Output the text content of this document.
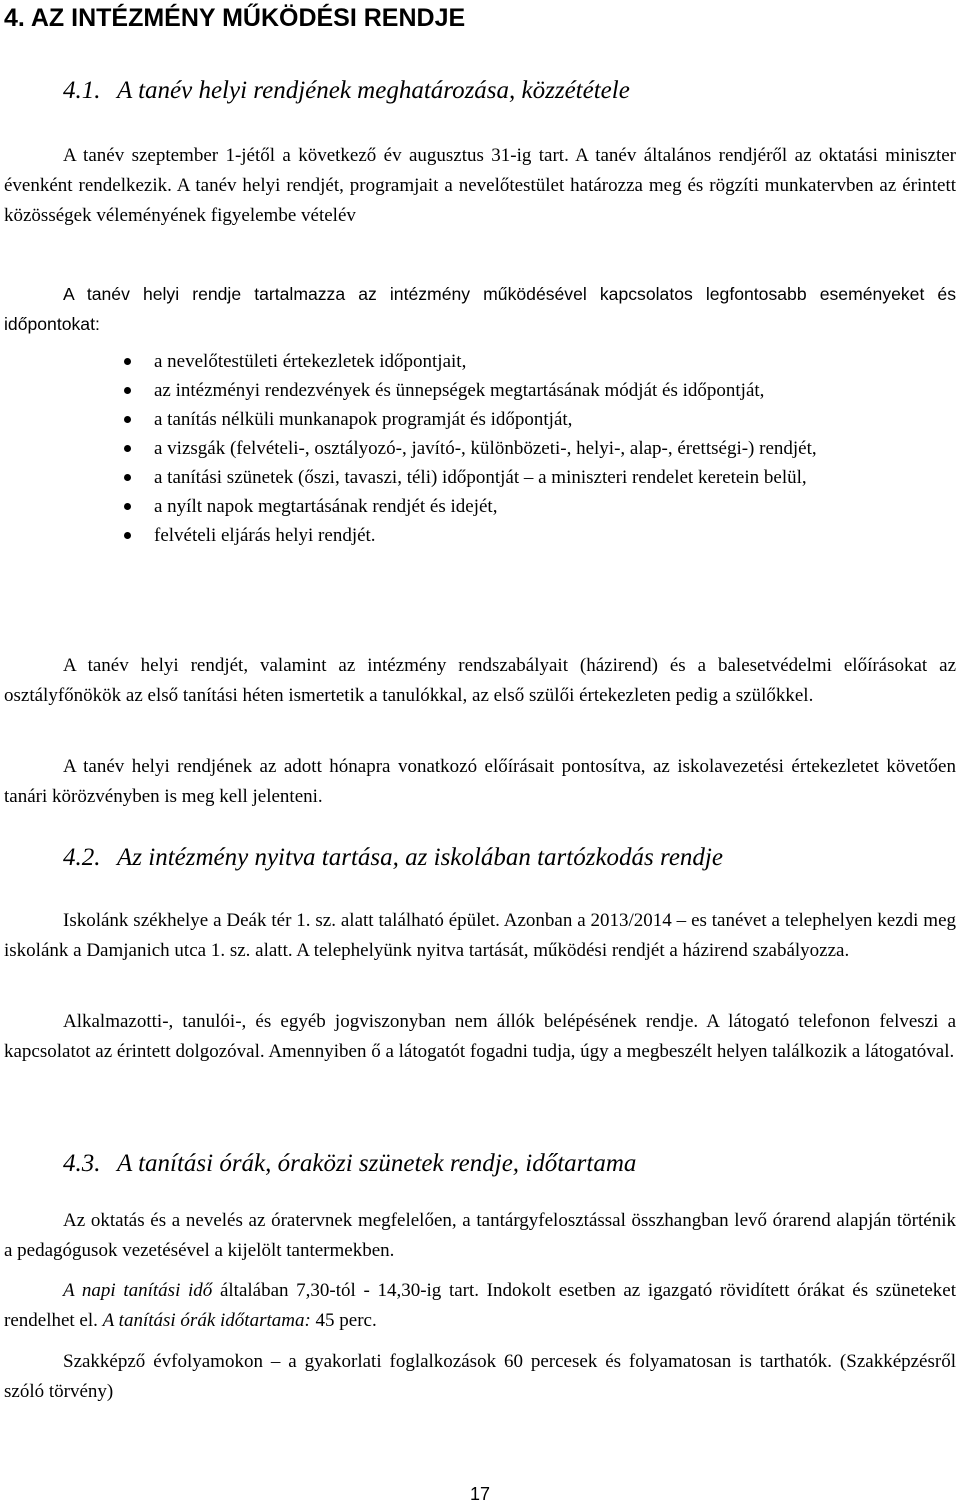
4. AZ INTÉZMÉNY MŰKÖDÉSI RENDJE
4.1. A tanév helyi rendjének meghatározása, közzététele

A tanév szeptember 1-jétől a következő év augusztus 31-ig tart. A tanév általános rendjéről az oktatási miniszter évenként rendelkezik. A tanév helyi rendjét, programjait a nevelőtestület határozza meg és rögzíti munkatervben az érintett közösségek véleményének figyelembe vételév

A tanév helyi rendje tartalmazza az intézmény működésével kapcsolatos legfontosabb eseményeket és időpontokat:

a nevelőtestületi értekezletek időpontjait,
az intézményi rendezvények és ünnepségek megtartásának módját és időpontját,
a tanítás nélküli munkanapok programját és időpontját,
a vizsgák (felvételi-, osztályozó-, javító-, különbözeti-, helyi-, alap-, érettségi-) rendjét,
a tanítási szünetek (őszi, tavaszi, téli) időpontját – a miniszteri rendelet keretein belül,
a nyílt napok megtartásának rendjét és idejét,
felvételi eljárás helyi rendjét.

A tanév helyi rendjét, valamint az intézmény rendszabályait (házirend) és a balesetvédelmi előírásokat az osztályfőnökök az első tanítási héten ismertetik a tanulókkal, az első szülői értekezleten pedig a szülőkkel.

A tanév helyi rendjének az adott hónapra vonatkozó előírásait pontosítva, az iskolavezetési értekezletet követően tanári körözvényben is meg kell jelenteni.

4.2. Az intézmény nyitva tartása, az iskolában tartózkodás rendje

Iskolánk székhelye a Deák tér 1. sz. alatt található épület. Azonban a 2013/2014 – es tanévet a telephelyen kezdi meg iskolánk a Damjanich utca 1. sz. alatt. A telephelyünk nyitva tartását, működési rendjét a házirend szabályozza.

Alkalmazotti-, tanulói-, és egyéb jogviszonyban nem állók belépésének rendje. A látogató telefonon felveszi a kapcsolatot az érintett dolgozóval. Amennyiben ő a látogatót fogadni tudja, úgy a megbeszélt helyen találkozik a látogatóval.

4.3. A tanítási órák, óraközi szünetek rendje, időtartama

Az oktatás és a nevelés az óratervnek megfelelően, a tantárgyfelosztással összhangban levő órarend alapján történik a pedagógusok vezetésével a kijelölt tantermekben.

A napi tanítási idő általában 7,30-tól - 14,30-ig tart. Indokolt esetben az igazgató rövidített órákat és szüneteket rendelhet el. A tanítási órák időtartama: 45 perc.

Szakképző évfolyamokon – a gyakorlati foglalkozások 60 percesek és folyamatosan is tarthatók. (Szakképzésről szóló törvény)

17
